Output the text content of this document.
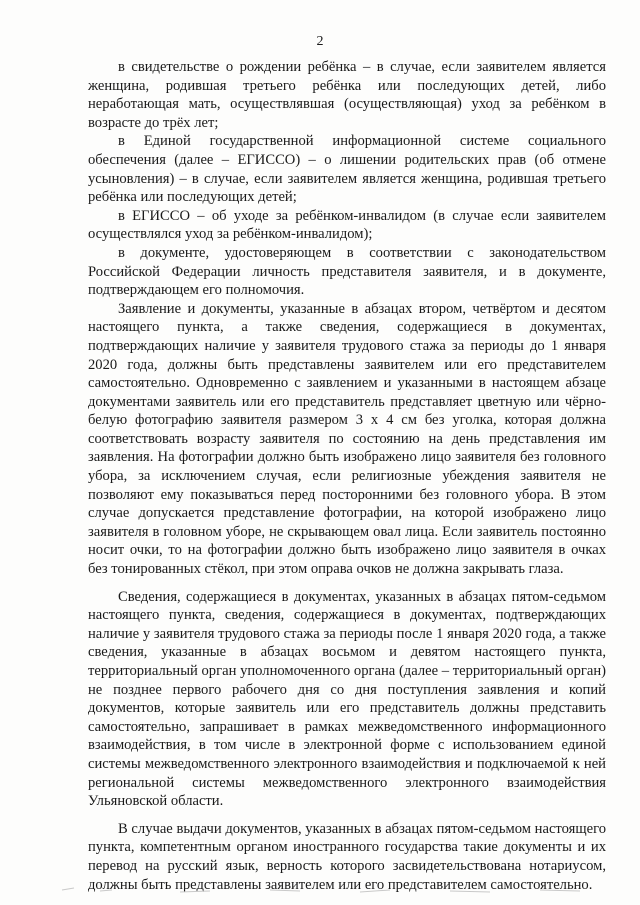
2

в свидетельстве о рождении ребёнка – в случае, если заявителем является женщина, родившая третьего ребёнка или последующих детей, либо неработающая мать, осуществлявшая (осуществляющая) уход за ребёнком в возрасте до трёх лет;

в Единой государственной информационной системе социального обеспечения (далее – ЕГИССО) – о лишении родительских прав (об отмене усыновления) – в случае, если заявителем является женщина, родившая третьего ребёнка или последующих детей;

в ЕГИССО – об уходе за ребёнком-инвалидом (в случае если заявителем осуществлялся уход за ребёнком-инвалидом);

в документе, удостоверяющем в соответствии с законодательством Российской Федерации личность представителя заявителя, и в документе, подтверждающем его полномочия.

Заявление и документы, указанные в абзацах втором, четвёртом и десятом настоящего пункта, а также сведения, содержащиеся в документах, подтверждающих наличие у заявителя трудового стажа за периоды до 1 января 2020 года, должны быть представлены заявителем или его представителем самостоятельно. Одновременно с заявлением и указанными в настоящем абзаце документами заявитель или его представитель представляет цветную или чёрно-белую фотографию заявителя размером 3 х 4 см без уголка, которая должна соответствовать возрасту заявителя по состоянию на день представления им заявления. На фотографии должно быть изображено лицо заявителя без головного убора, за исключением случая, если религиозные убеждения заявителя не позволяют ему показываться перед посторонними без головного убора. В этом случае допускается представление фотографии, на которой изображено лицо заявителя в головном уборе, не скрывающем овал лица. Если заявитель постоянно носит очки, то на фотографии должно быть изображено лицо заявителя в очках без тонированных стёкол, при этом оправа очков не должна закрывать глаза.

Сведения, содержащиеся в документах, указанных в абзацах пятом-седьмом настоящего пункта, сведения, содержащиеся в документах, подтверждающих наличие у заявителя трудового стажа за периоды после 1 января 2020 года, а также сведения, указанные в абзацах восьмом и девятом настоящего пункта, территориальный орган уполномоченного органа (далее – территориальный орган) не позднее первого рабочего дня со дня поступления заявления и копий документов, которые заявитель или его представитель должны представить самостоятельно, запрашивает в рамках межведомственного информационного взаимодействия, в том числе в электронной форме с использованием единой системы межведомственного электронного взаимодействия и подключаемой к ней региональной системы межведомственного электронного взаимодействия Ульяновской области.

В случае выдачи документов, указанных в абзацах пятом-седьмом настоящего пункта, компетентным органом иностранного государства такие документы и их перевод на русский язык, верность которого засвидетельствована нотариусом, должны быть представлены заявителем или его представителем самостоятельно.
